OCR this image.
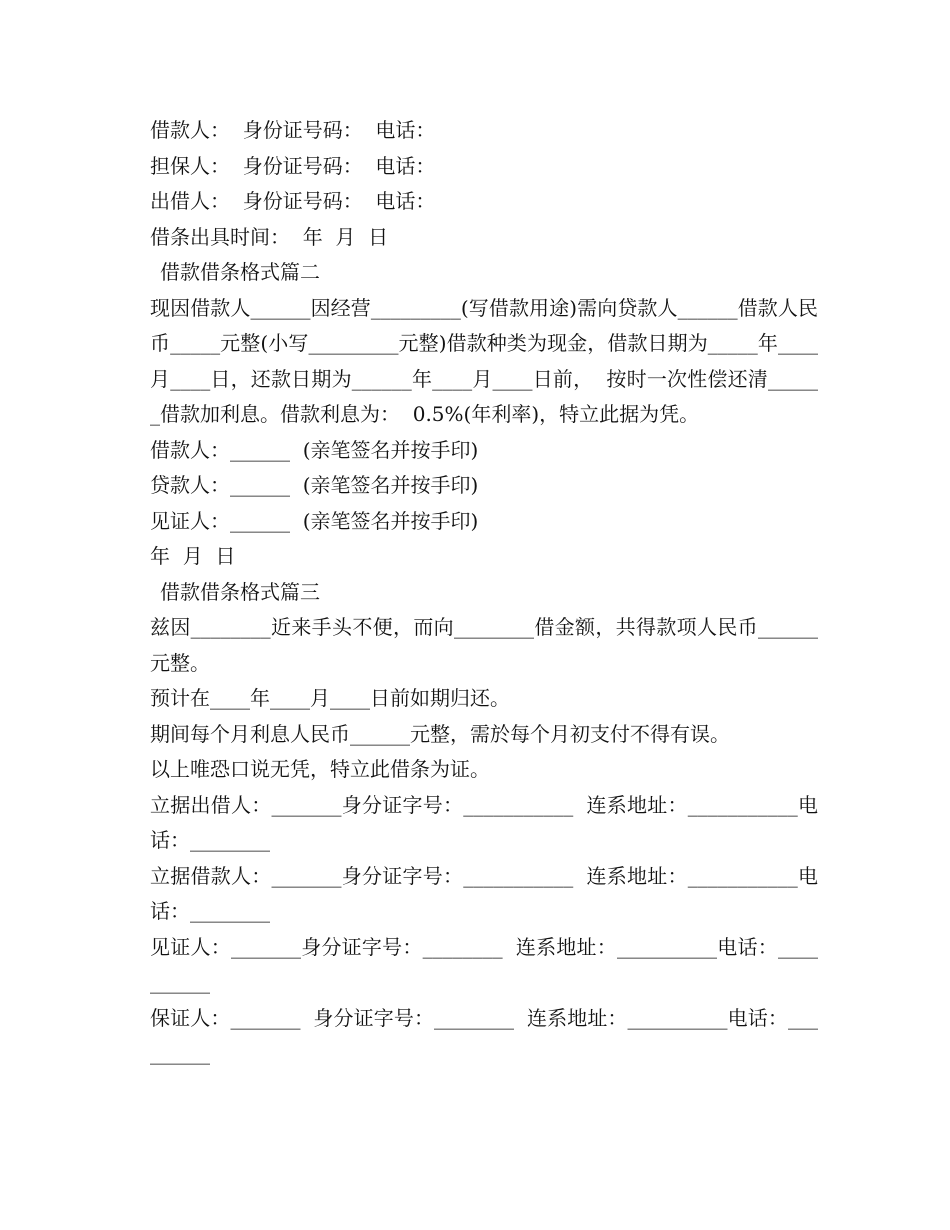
借款人：  身份证号码：  电话：
担保人：  身份证号码：  电话：
出借人：  身份证号码：  电话：
借条出具时间：  年  月  日
借款借条格式篇二
现因借款人______因经营_________(写借款用途)需向贷款人______借款人民币_____元整(小写_________元整)借款种类为现金，借款日期为_____年____月____日，还款日期为______年____月____日前，  按时一次性偿还清______借款加利息。借款利息为：  0.5%(年利率)，特立此据为凭。
借款人：______  (亲笔签名并按手印)
贷款人：______  (亲笔签名并按手印)
见证人：______  (亲笔签名并按手印)
年  月  日
借款借条格式篇三
兹因________近来手头不便，而向________借金额，共得款项人民币______元整。
预计在____年____月____日前如期归还。
期间每个月利息人民币______元整，需於每个月初支付不得有误。
以上唯恐口说无凭，特立此借条为证。
立据出借人：_______身分证字号：___________  连系地址：___________电话：________
立据借款人：_______身分证字号：___________  连系地址：___________电话：________
见证人：_______身分证字号：________  连系地址：__________电话：__________
保证人：_______  身分证字号：________  连系地址：__________电话：_________
